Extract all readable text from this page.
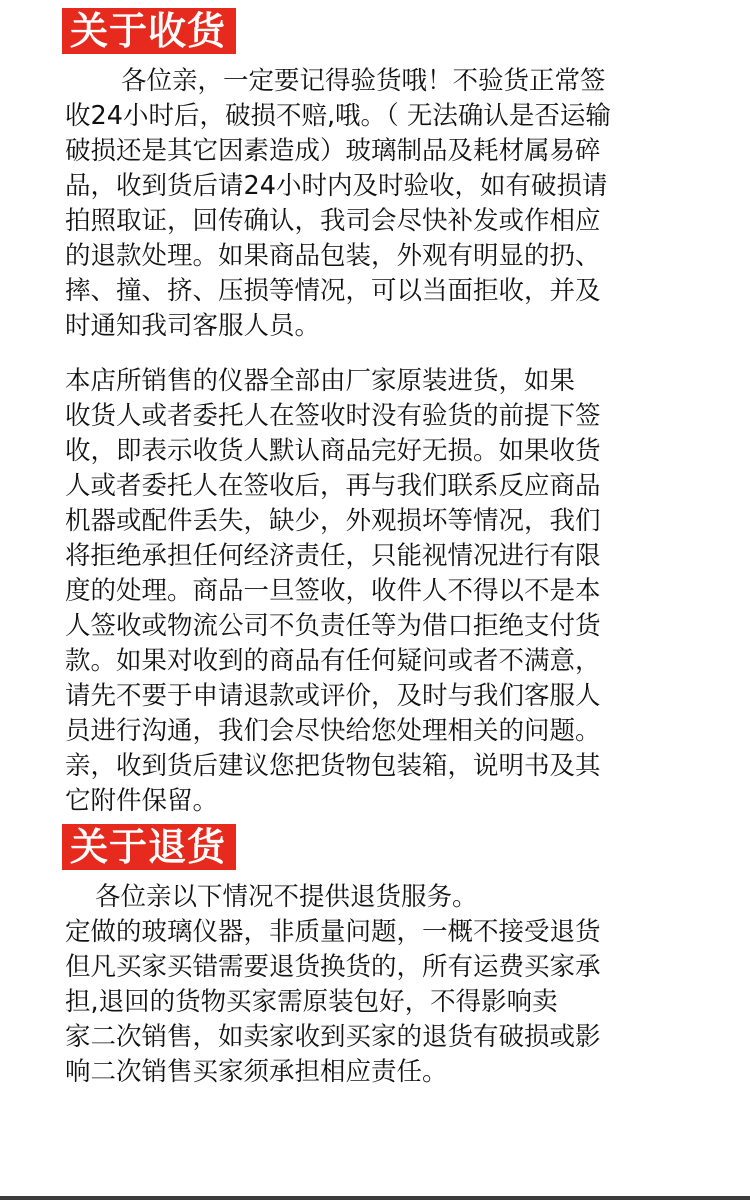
关于收货
各位亲，一定要记得验货哦！不验货正常签
收24小时后，破损不赔,哦。（ 无法确认是否运输
破损还是其它因素造成）玻璃制品及耗材属易碎
品，收到货后请24小时内及时验收，如有破损请
拍照取证，回传确认，我司会尽快补发或作相应
的退款处理。如果商品包装，外观有明显的扔、
摔、撞、挤、压损等情况，可以当面拒收，并及
时通知我司客服人员。
本店所销售的仪器全部由厂家原装进货，如果
收货人或者委托人在签收时没有验货的前提下签
收，即表示收货人默认商品完好无损。如果收货
人或者委托人在签收后，再与我们联系反应商品
机器或配件丢失，缺少，外观损坏等情况，我们
将拒绝承担任何经济责任，只能视情况进行有限
度的处理。商品一旦签收，收件人不得以不是本
人签收或物流公司不负责任等为借口拒绝支付货
款。如果对收到的商品有任何疑问或者不满意，
请先不要于申请退款或评价，及时与我们客服人
员进行沟通，我们会尽快给您处理相关的问题。
亲，收到货后建议您把货物包装箱，说明书及其
它附件保留。
关于退货
各位亲以下情况不提供退货服务。
定做的玻璃仪器，非质量问题，一概不接受退货
但凡买家买错需要退货换货的，所有运费买家承
担,退回的货物买家需原装包好，不得影响卖
家二次销售，如卖家收到买家的退货有破损或影
响二次销售买家须承担相应责任。
